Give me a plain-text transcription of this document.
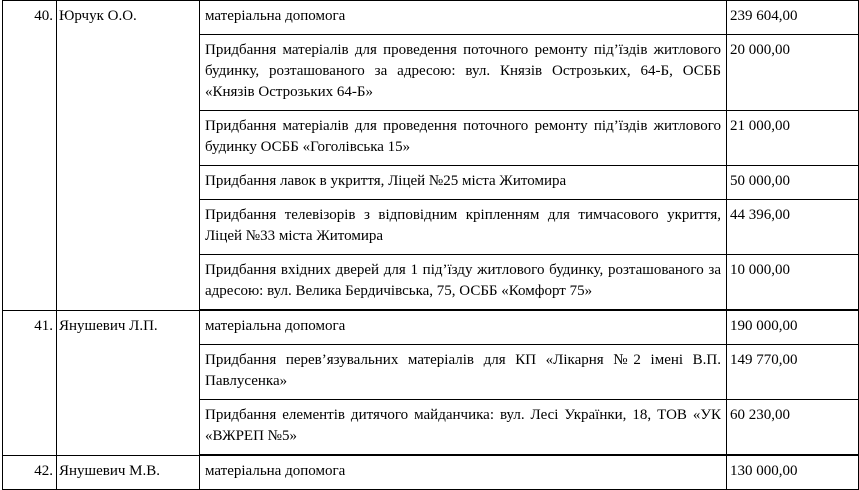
40.	Юрчук О.О.	матеріальна допомога	239 604,00
		Придбання матеріалів для проведення поточного ремонту під’їздів житлового будинку, розташованого за адресою: вул. Князів Острозьких, 64-Б, ОСББ «Князів Острозьких 64-Б»	20 000,00
		Придбання матеріалів для проведення поточного ремонту під’їздів житлового будинку ОСББ «Гоголівська 15»	21 000,00
		Придбання лавок в укриття, Ліцей №25 міста Житомира	50 000,00
		Придбання телевізорів з відповідним кріпленням для тимчасового укриття, Ліцей №33 міста Житомира	44 396,00
		Придбання вхідних дверей для 1 під’їзду житлового будинку, розташованого за адресою: вул. Велика Бердичівська, 75, ОСББ «Комфорт 75»	10 000,00
41.	Янушевич Л.П.	матеріальна допомога	190 000,00
		Придбання перев’язувальних матеріалів для КП «Лікарня №2 імені В.П. Павлусенка»	149 770,00
		Придбання елементів дитячого майданчика: вул. Лесі Українки, 18, ТОВ «УК «ВЖРЕП №5»	60 230,00
42.	Янушевич М.В.	матеріальна допомога	130 000,00
